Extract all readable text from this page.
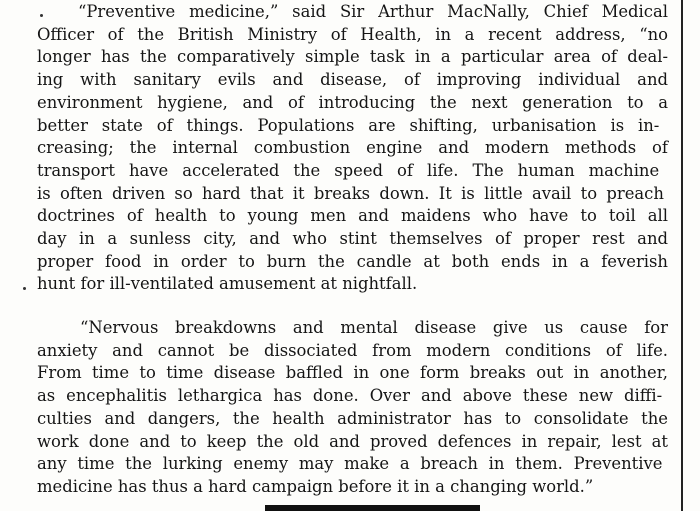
“Preventive medicine,” said Sir Arthur MacNally, Chief Medical
Officer of the British Ministry of Health, in a recent address, “no
longer has the comparatively simple task in a particular area of deal-
ing with sanitary evils and disease, of improving individual and
environment hygiene, and of introducing the next generation to a
better state of things. Populations are shifting, urbanisation is in-
creasing; the internal combustion engine and modern methods of
transport have accelerated the speed of life. The human machine
is often driven so hard that it breaks down. It is little avail to preach
doctrines of health to young men and maidens who have to toil all
day in a sunless city, and who stint themselves of proper rest and
proper food in order to burn the candle at both ends in a feverish
hunt for ill-ventilated amusement at nightfall.
“Nervous breakdowns and mental disease give us cause for
anxiety and cannot be dissociated from modern conditions of life.
From time to time disease baffled in one form breaks out in another,
as encephalitis lethargica has done. Over and above these new diffi-
culties and dangers, the health administrator has to consolidate the
work done and to keep the old and proved defences in repair, lest at
any time the lurking enemy may make a breach in them. Preventive
medicine has thus a hard campaign before it in a changing world.”
